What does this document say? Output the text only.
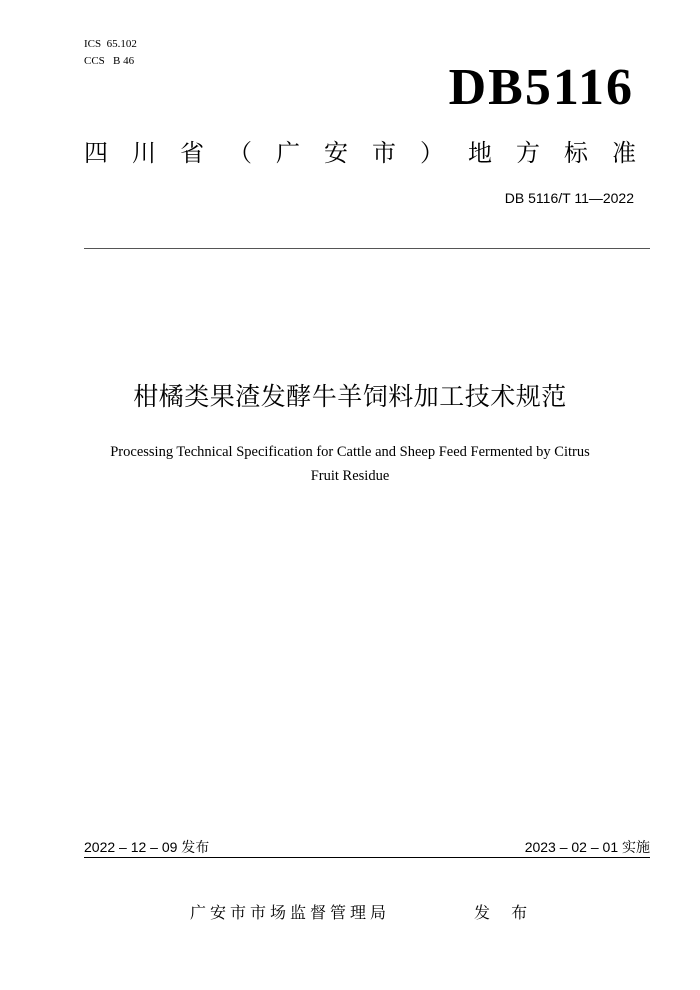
ICS  65.102
CCS   B 46	DB5116
四 川 省 （ 广 安 市 ） 地 方 标 准
DB 5116/T 11—2022
柑橘类果渣发酵牛羊饲料加工技术规范
Processing Technical Specification for Cattle and Sheep Feed Fermented by Citrus
Fruit Residue
2022 – 12 – 09 发布	2023 – 02 – 01 实施
广安市市场监督管理局	发 布
